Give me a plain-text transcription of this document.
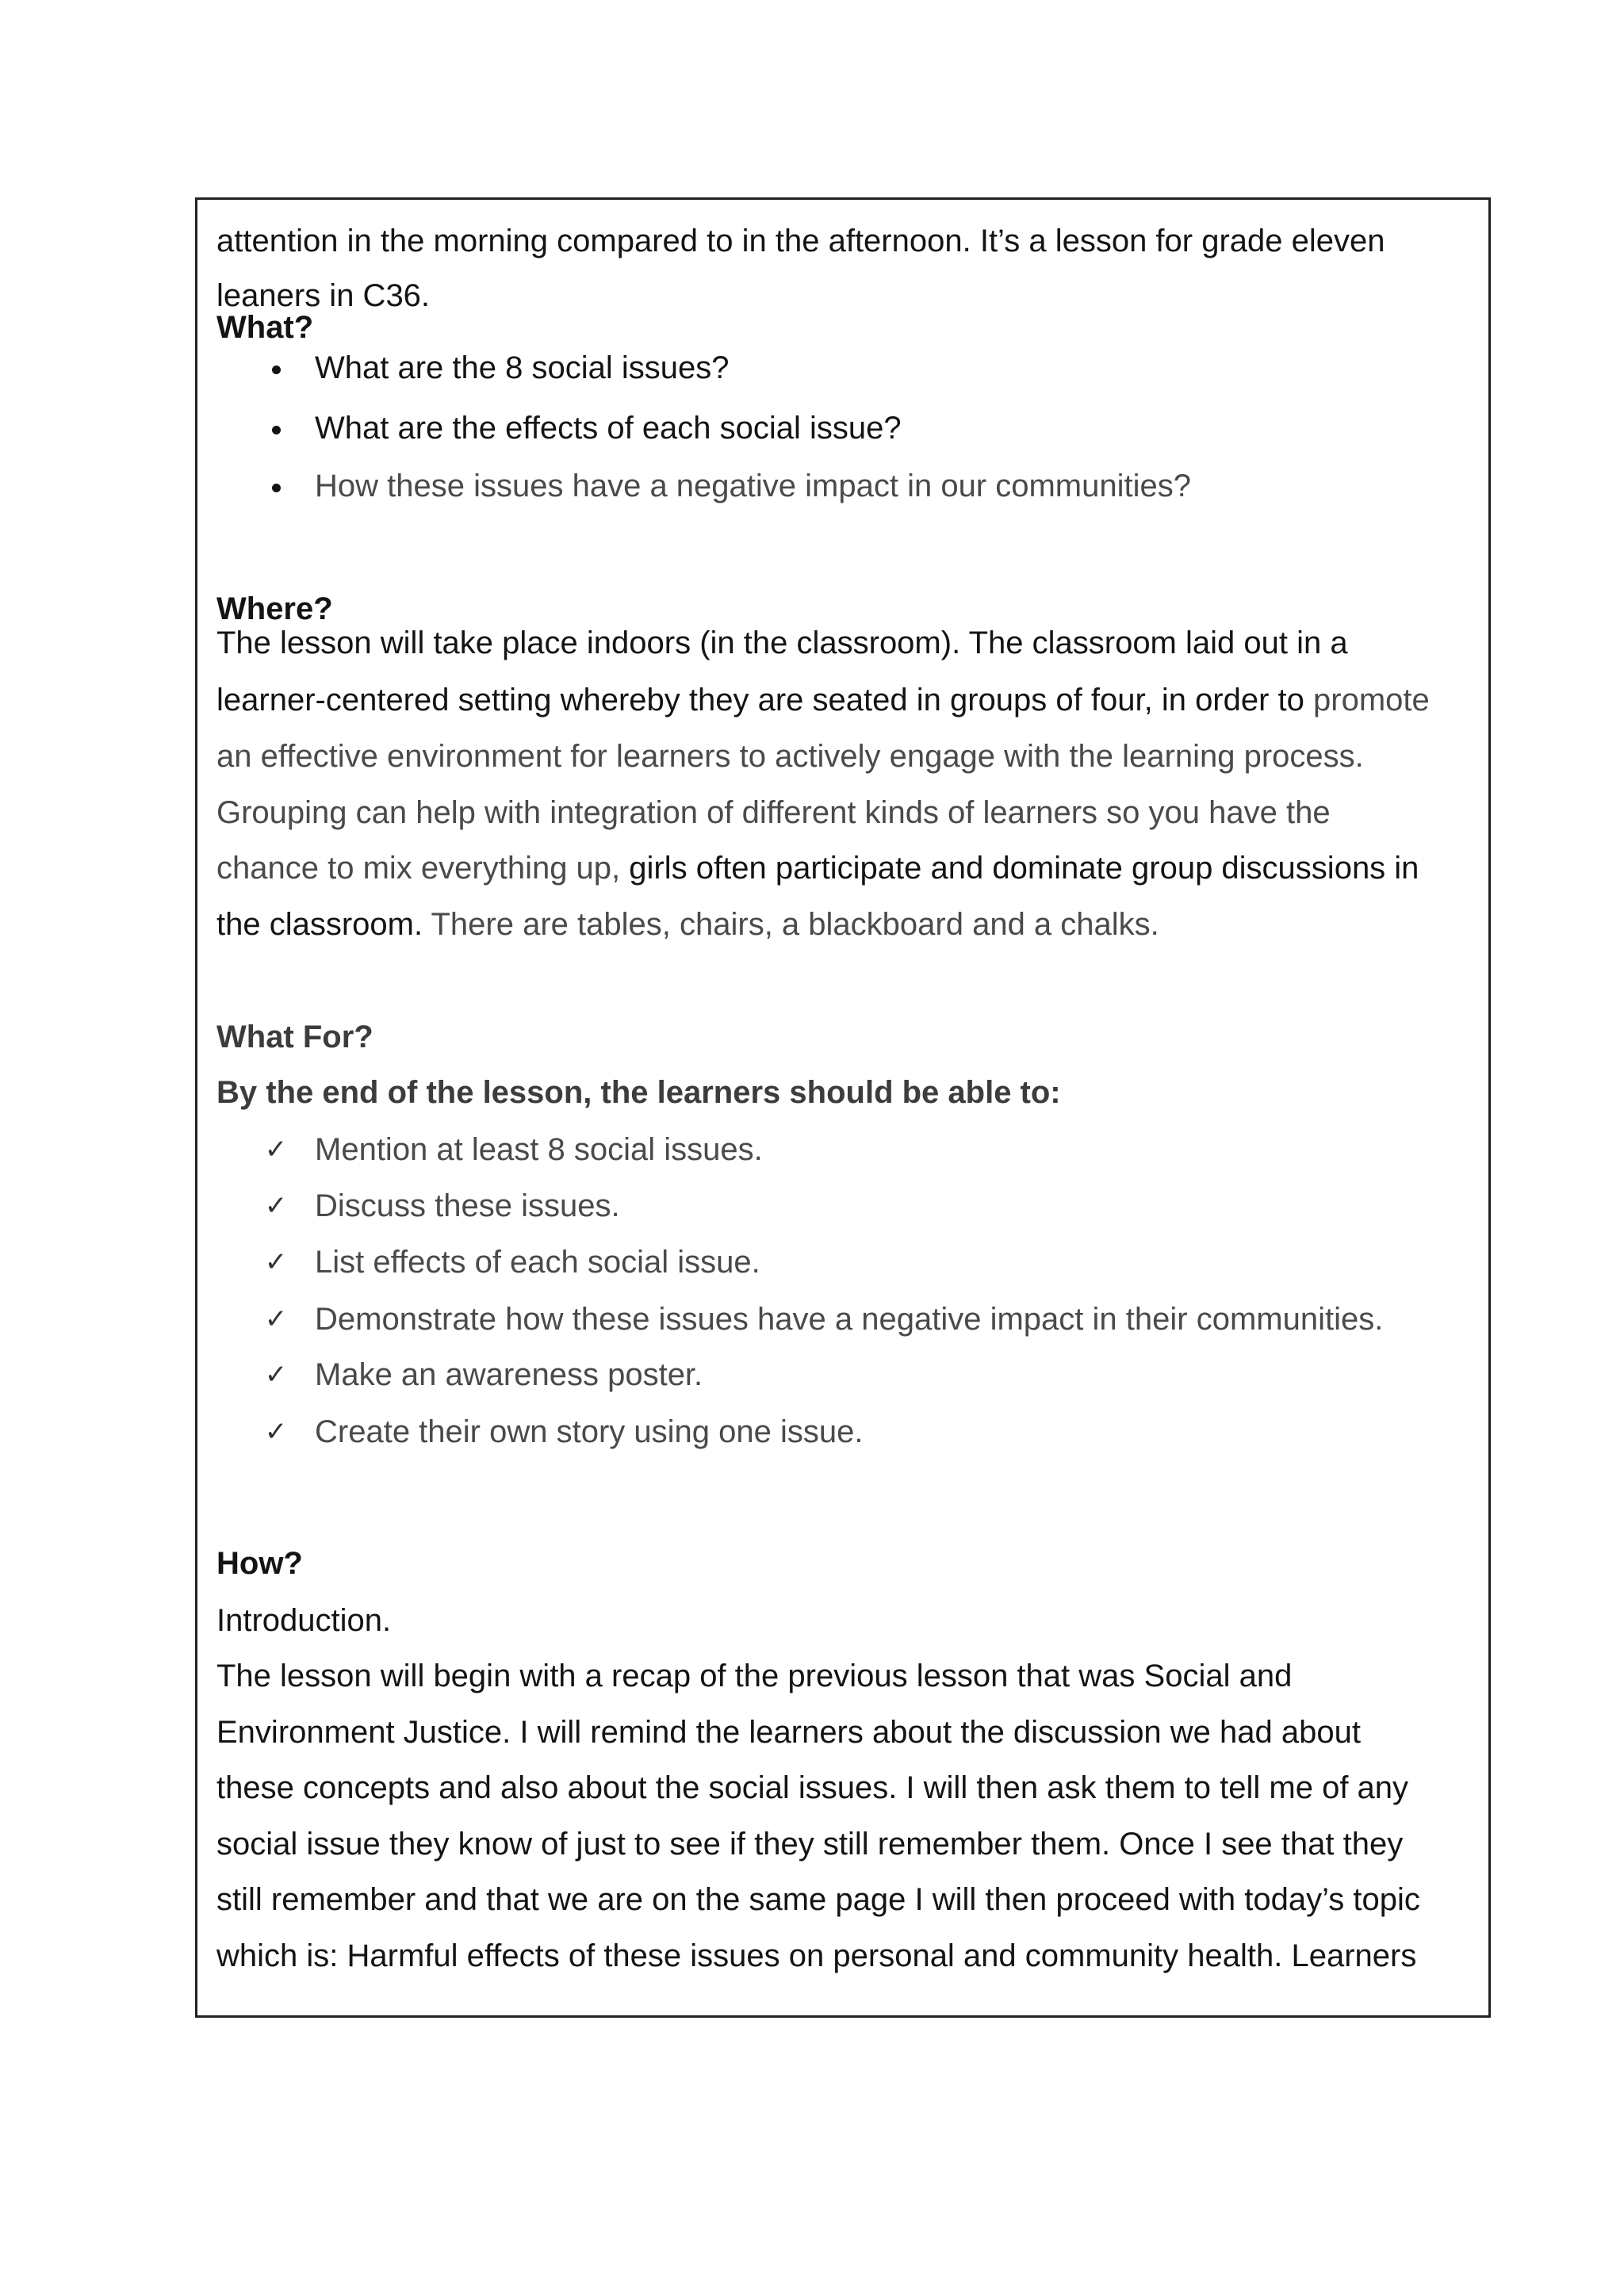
attention in the morning compared to in the afternoon. It’s a lesson for grade eleven
leaners in C36.
What?
What are the 8 social issues?
What are the effects of each social issue?
How these issues have a negative impact in our communities?
Where?
The lesson will take place indoors (in the classroom). The classroom laid out in a
learner-centered setting whereby they are seated in groups of four, in order to promote
an effective environment for learners to actively engage with the learning process.
Grouping can help with integration of different kinds of learners so you have the
chance to mix everything up, girls often participate and dominate group discussions in
the classroom. There are tables, chairs, a blackboard and a chalks.
What For?
By the end of the lesson, the learners should be able to:
✓ Mention at least 8 social issues.
✓ Discuss these issues.
✓ List effects of each social issue.
✓ Demonstrate how these issues have a negative impact in their communities.
✓ Make an awareness poster.
✓ Create their own story using one issue.
How?
Introduction.
The lesson will begin with a recap of the previous lesson that was Social and
Environment Justice. I will remind the learners about the discussion we had about
these concepts and also about the social issues. I will then ask them to tell me of any
social issue they know of just to see if they still remember them. Once I see that they
still remember and that we are on the same page I will then proceed with today’s topic
which is: Harmful effects of these issues on personal and community health. Learners
